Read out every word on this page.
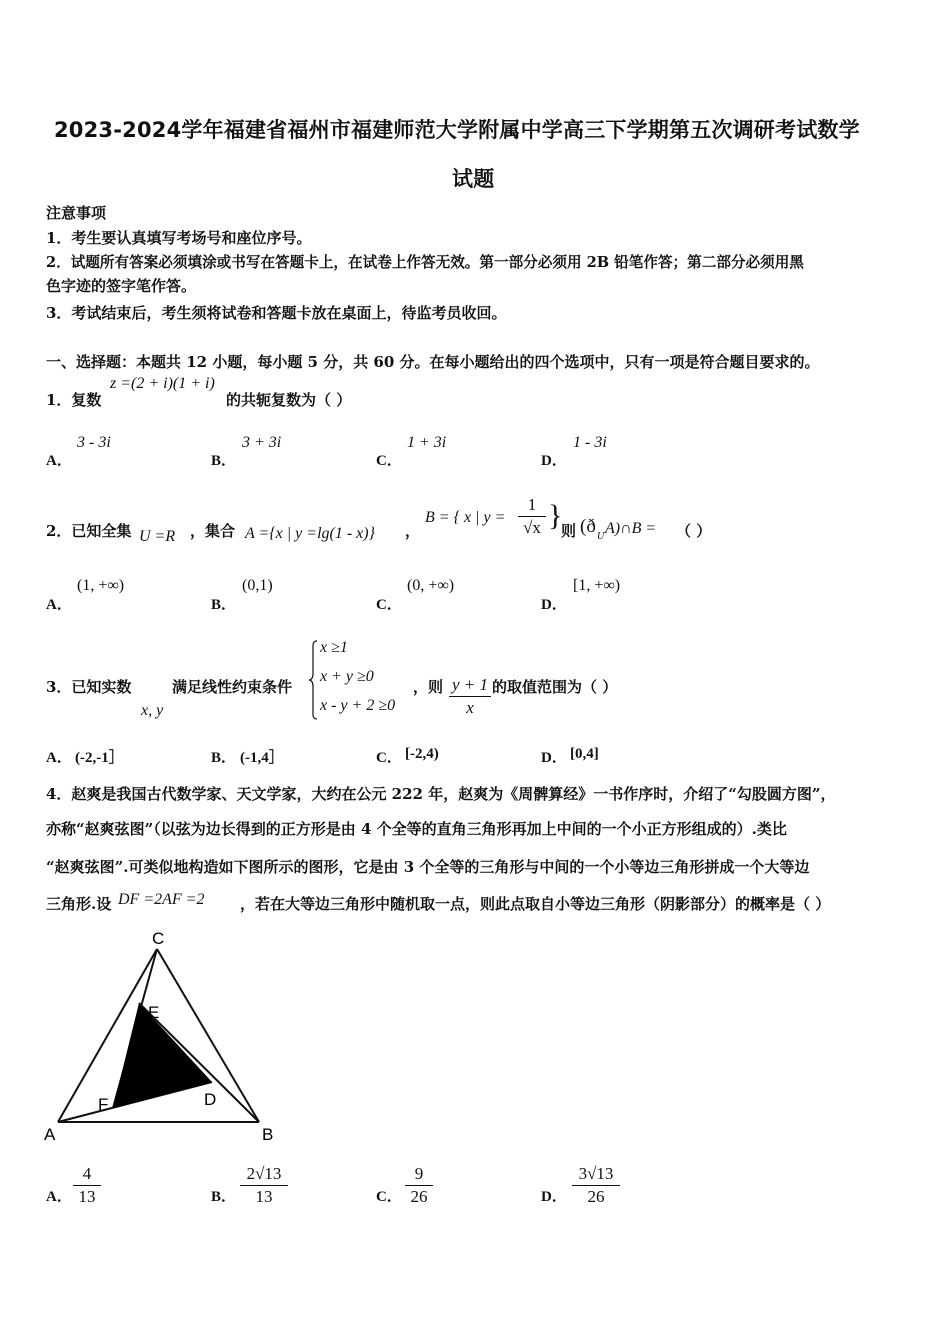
2023-2024学年福建省福州市福建师范大学附属中学高三下学期第五次调研考试数学
试题
注意事项
1．考生要认真填写考场号和座位序号。
2．试题所有答案必须填涂或书写在答题卡上，在试卷上作答无效。第一部分必须用 2B 铅笔作答；第二部分必须用黑
色字迹的签字笔作答。
3．考试结束后，考生须将试卷和答题卡放在桌面上，待监考员收回。
一、选择题：本题共 12 小题，每小题 5 分，共 60 分。在每小题给出的四个选项中，只有一项是符合题目要求的。
1．复数
z =(2 + i)(1 + i)
的共轭复数为（ ）
A．
3 - 3i
B．
3 + 3i
C．
1 + 3i
D．
1 - 3i
2．已知全集 U =R ，集合 A ={x | y =lg(1 - x)} ，
B = { x | y =
1
√x }
则 (ð U A)∩B = （ ）
A．
(1, +∞)
B．
(0,1)
C．
(0, +∞)
D．
[1, +∞)
3．已知实数
x, y
满足线性约束条件
x ≥1
x + y ≥0
x - y + 2 ≥0
，则 y + 1
x
的取值范围为（ ）
A． (-2,-1］	B． (-1,4］	C． [-2,4)	D． [0,4]
4．赵爽是我国古代数学家、天文学家，大约在公元 222 年，赵爽为《周髀算经》一书作序时，介绍了“勾股圆方图”，
亦称“赵爽弦图”（以弦为边长得到的正方形是由 4 个全等的直角三角形再加上中间的一个小正方形组成的）.类比
“赵爽弦图”.可类似地构造如下图所示的图形，它是由 3 个全等的三角形与中间的一个小等边三角形拼成一个大等边
三角形.设 DF =2AF =2 ，若在大等边三角形中随机取一点，则此点取自小等边三角形（阴影部分）的概率是（ ）
C
E
D
F
A	B
A．
4
13	B．
2√13
13	C．
9
26	D．
3√13
26
